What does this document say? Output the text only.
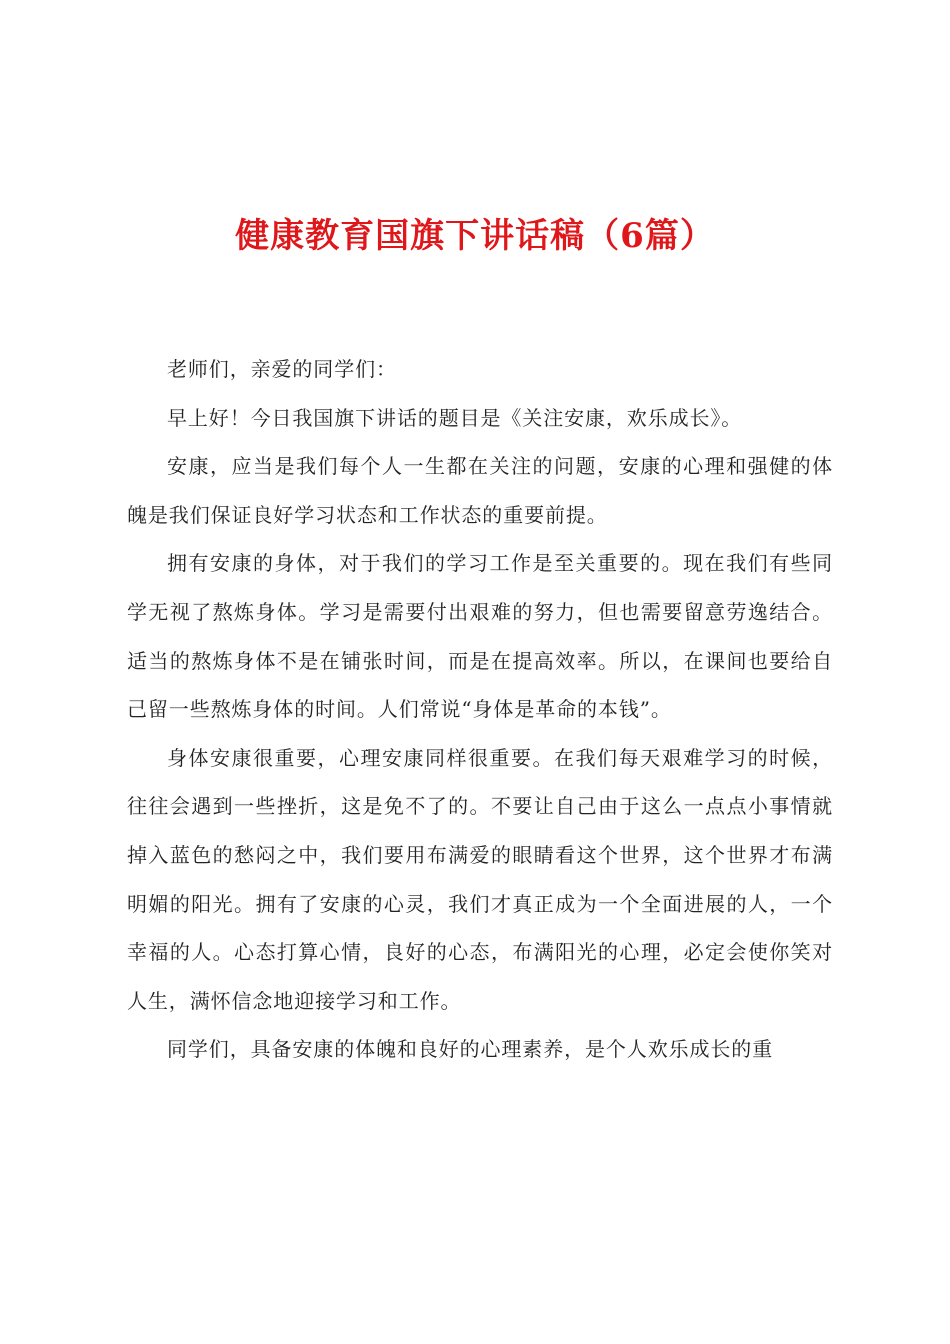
健康教育国旗下讲话稿（6篇）

老师们，亲爱的同学们：

早上好！今日我国旗下讲话的题目是《关注安康，欢乐成长》。

安康，应当是我们每个人一生都在关注的问题，安康的心理和强健的体魄是我们保证良好学习状态和工作状态的重要前提。

拥有安康的身体，对于我们的学习工作是至关重要的。现在我们有些同学无视了熬炼身体。学习是需要付出艰难的努力，但也需要留意劳逸结合。适当的熬炼身体不是在铺张时间，而是在提高效率。所以，在课间也要给自己留一些熬炼身体的时间。人们常说“身体是革命的本钱”。

身体安康很重要，心理安康同样很重要。在我们每天艰难学习的时候，往往会遇到一些挫折，这是免不了的。不要让自己由于这么一点点小事情就掉入蓝色的愁闷之中，我们要用布满爱的眼睛看这个世界，这个世界才布满明媚的阳光。拥有了安康的心灵，我们才真正成为一个全面进展的人，一个幸福的人。心态打算心情，良好的心态，布满阳光的心理，必定会使你笑对人生，满怀信念地迎接学习和工作。

同学们，具备安康的体魄和良好的心理素养，是个人欢乐成长的重
